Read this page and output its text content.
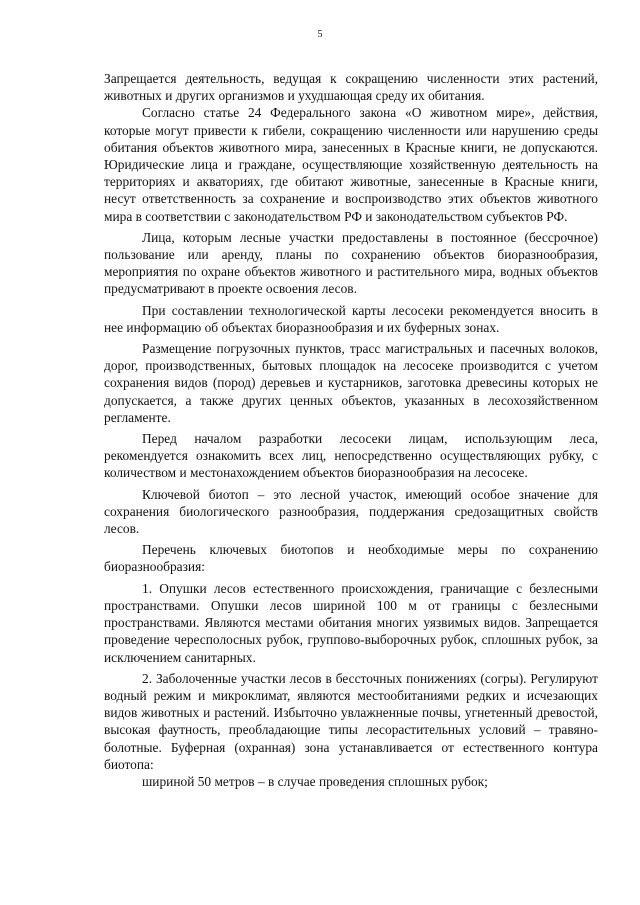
5

Запрещается деятельность, ведущая к сокращению численности этих растений, животных и других организмов и ухудшающая среду их обитания.

Согласно статье 24 Федерального закона «О животном мире», действия, которые могут привести к гибели, сокращению численности или нарушению среды обитания объектов животного мира, занесенных в Красные книги, не допускаются. Юридические лица и граждане, осуществляющие хозяйственную деятельность на территориях и акваториях, где обитают животные, занесенные в Красные книги, несут ответственность за сохранение и воспроизводство этих объектов животного мира в соответствии с законодательством РФ и законодательством субъектов РФ.

Лица, которым лесные участки предоставлены в постоянное (бессрочное) пользование или аренду, планы по сохранению объектов биоразнообразия, мероприятия по охране объектов животного и растительного мира, водных объектов предусматривают в проекте освоения лесов.

При составлении технологической карты лесосеки рекомендуется вносить в нее информацию об объектах биоразнообразия и их буферных зонах.

Размещение погрузочных пунктов, трасс магистральных и пасечных волоков, дорог, производственных, бытовых площадок на лесосеке производится с учетом сохранения видов (пород) деревьев и кустарников, заготовка древесины которых не допускается, а также других ценных объектов, указанных в лесохозяйственном регламенте.

Перед началом разработки лесосеки лицам, использующим леса, рекомендуется ознакомить всех лиц, непосредственно осуществляющих рубку, с количеством и местонахождением объектов биоразнообразия на лесосеке.

Ключевой биотоп – это лесной участок, имеющий особое значение для сохранения биологического разнообразия, поддержания средозащитных свойств лесов.

Перечень ключевых биотопов и необходимые меры по сохранению биоразнообразия:

1. Опушки лесов естественного происхождения, граничащие с безлесными пространствами. Опушки лесов шириной 100 м от границы с безлесными пространствами. Являются местами обитания многих уязвимых видов. Запрещается проведение чересполосных рубок, группово-выборочных рубок, сплошных рубок, за исключением санитарных.

2. Заболоченные участки лесов в бессточных понижениях (согры). Регулируют водный режим и микроклимат, являются местообитаниями редких и исчезающих видов животных и растений. Избыточно увлажненные почвы, угнетенный древостой, высокая фаутность, преобладающие типы лесорастительных условий – травяно-болотные. Буферная (охранная) зона устанавливается от естественного контура биотопа:

шириной 50 метров – в случае проведения сплошных рубок;
